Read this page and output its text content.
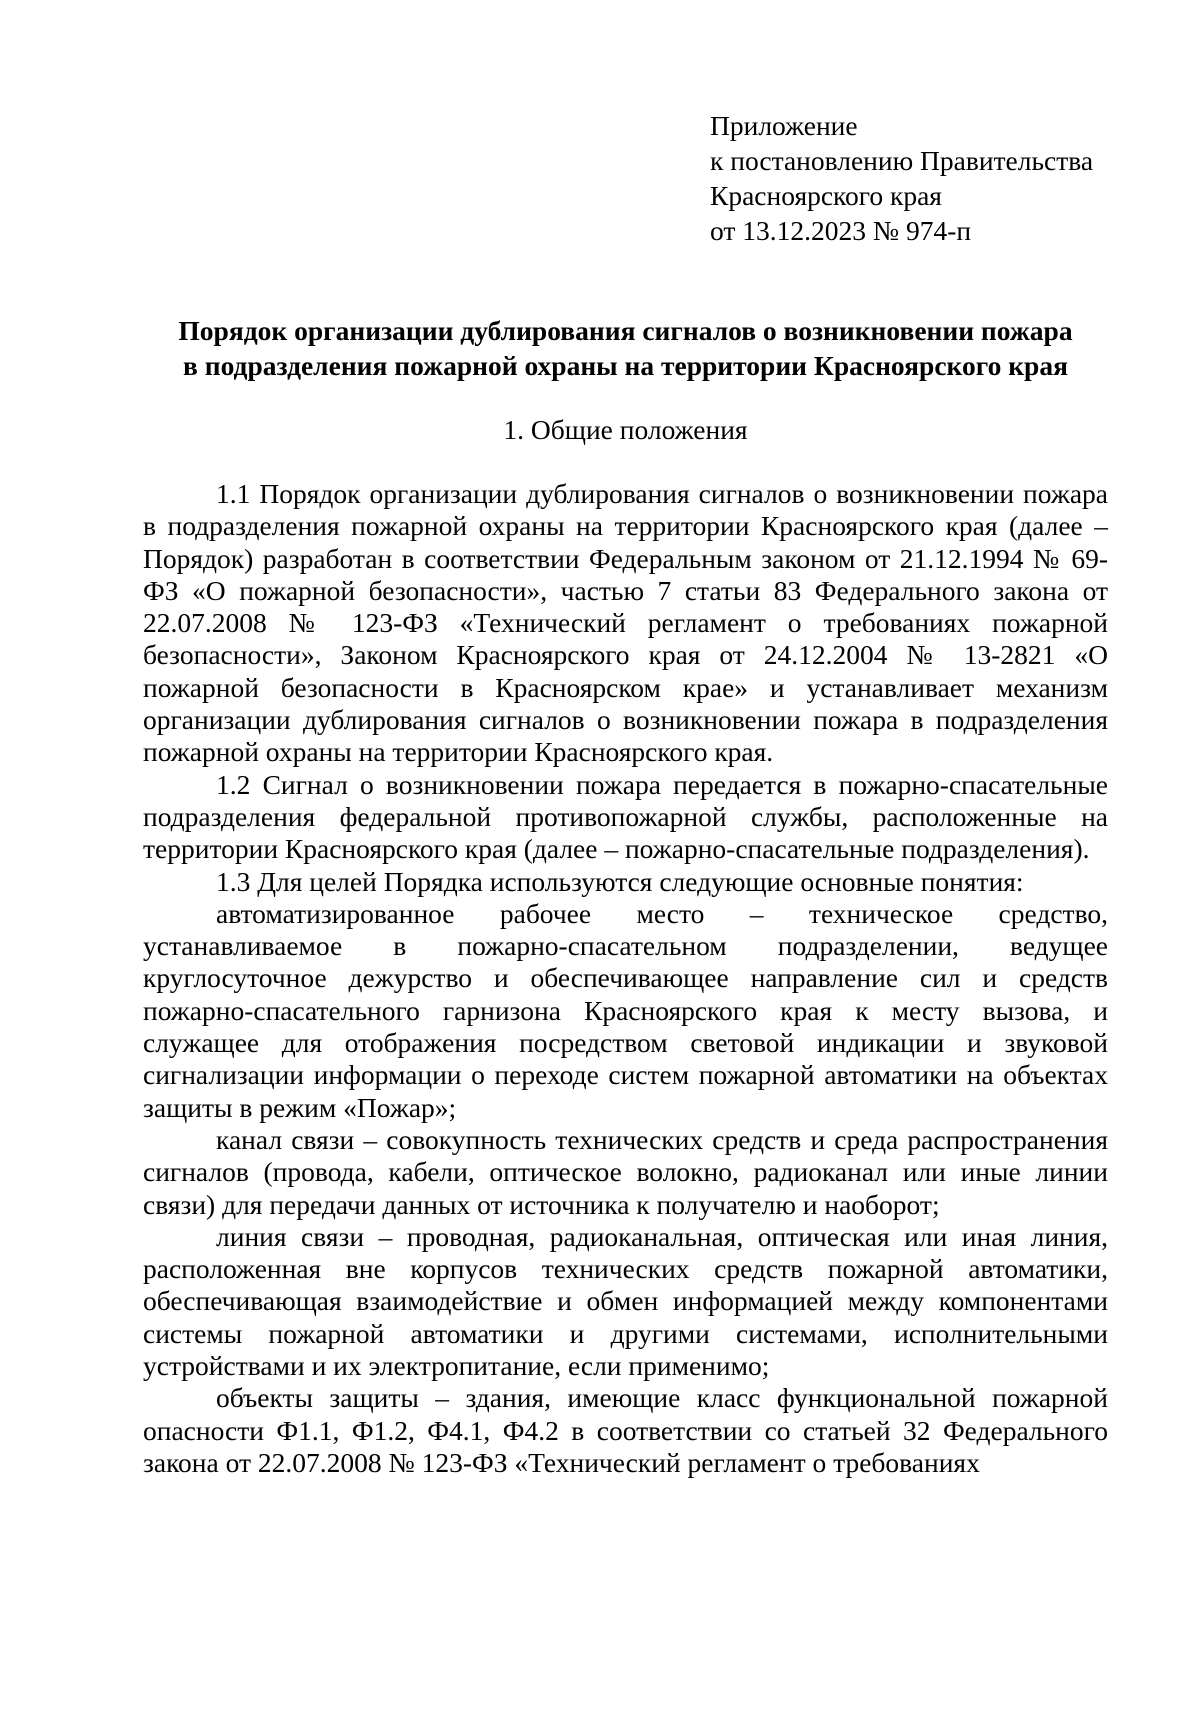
Приложение
к постановлению Правительства
Красноярского края
от 13.12.2023 № 974-п
Порядок организации дублирования сигналов о возникновении пожара
в подразделения пожарной охраны на территории Красноярского края
1. Общие положения

1.1 Порядок организации дублирования сигналов о возникновении пожара в подразделения пожарной охраны на территории Красноярского края (далее – Порядок) разработан в соответствии Федеральным законом от 21.12.1994 № 69-ФЗ «О пожарной безопасности», частью 7 статьи 83 Федерального закона от 22.07.2008 № 123-ФЗ «Технический регламент о требованиях пожарной безопасности», Законом Красноярского края от 24.12.2004 № 13-2821 «О пожарной безопасности в Красноярском крае» и устанавливает механизм организации дублирования сигналов о возникновении пожара в подразделения пожарной охраны на территории Красноярского края.

1.2 Сигнал о возникновении пожара передается в пожарно-спасательные подразделения федеральной противопожарной службы, расположенные на территории Красноярского края (далее – пожарно-спасательные подразделения).

1.3 Для целей Порядка используются следующие основные понятия:

автоматизированное рабочее место – техническое средство, устанавливаемое в пожарно-спасательном подразделении, ведущее круглосуточное дежурство и обеспечивающее направление сил и средств пожарно-спасательного гарнизона Красноярского края к месту вызова, и служащее для отображения посредством световой индикации и звуковой сигнализации информации о переходе систем пожарной автоматики на объектах защиты в режим «Пожар»;

канал связи – совокупность технических средств и среда распространения сигналов (провода, кабели, оптическое волокно, радиоканал или иные линии связи) для передачи данных от источника к получателю и наоборот;

линия связи – проводная, радиоканальная, оптическая или иная линия, расположенная вне корпусов технических средств пожарной автоматики, обеспечивающая взаимодействие и обмен информацией между компонентами системы пожарной автоматики и другими системами, исполнительными устройствами и их электропитание, если применимо;

объекты защиты – здания, имеющие класс функциональной пожарной опасности Ф1.1, Ф1.2, Ф4.1, Ф4.2 в соответствии со статьей 32 Федерального закона от 22.07.2008 № 123-ФЗ «Технический регламент о требованиях
